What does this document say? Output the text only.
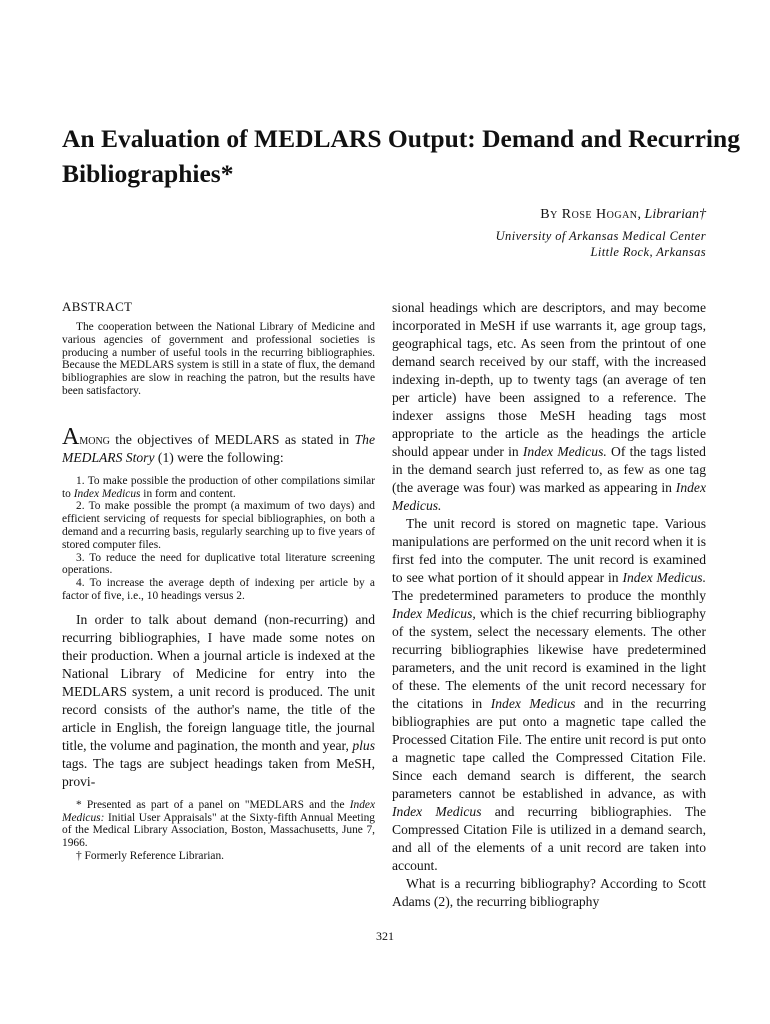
An Evaluation of MEDLARS Output: Demand and Recurring Bibliographies*
By Rose Hogan, Librarian†
University of Arkansas Medical Center
Little Rock, Arkansas
ABSTRACT

The cooperation between the National Library of Medicine and various agencies of government and professional societies is producing a number of useful tools in the recurring bibliographies. Because the MEDLARS system is still in a state of flux, the demand bibliographies are slow in reaching the patron, but the results have been satisfactory.

Among the objectives of MEDLARS as stated in The MEDLARS Story (1) were the following:

1. To make possible the production of other compilations similar to Index Medicus in form and content.
2. To make possible the prompt (a maximum of two days) and efficient servicing of requests for special bibliographies, on both a demand and a recurring basis, regularly searching up to five years of stored computer files.
3. To reduce the need for duplicative total literature screening operations.
4. To increase the average depth of indexing per article by a factor of five, i.e., 10 headings versus 2.

In order to talk about demand (non-recurring) and recurring bibliographies, I have made some notes on their production. When a journal article is indexed at the National Library of Medicine for entry into the MEDLARS system, a unit record is produced. The unit record consists of the author's name, the title of the article in English, the foreign language title, the journal title, the volume and pagination, the month and year, plus tags. The tags are subject headings taken from MeSH, provi-

* Presented as part of a panel on "MEDLARS and the Index Medicus: Initial User Appraisals" at the Sixty-fifth Annual Meeting of the Medical Library Association, Boston, Massachusetts, June 7, 1966.
† Formerly Reference Librarian.

sional headings which are descriptors, and may become incorporated in MeSH if use warrants it, age group tags, geographical tags, etc. As seen from the printout of one demand search received by our staff, with the increased indexing in-depth, up to twenty tags (an average of ten per article) have been assigned to a reference. The indexer assigns those MeSH heading tags most appropriate to the article as the headings the article should appear under in Index Medicus. Of the tags listed in the demand search just referred to, as few as one tag (the average was four) was marked as appearing in Index Medicus.

The unit record is stored on magnetic tape. Various manipulations are performed on the unit record when it is first fed into the computer. The unit record is examined to see what portion of it should appear in Index Medicus. The predetermined parameters to produce the monthly Index Medicus, which is the chief recurring bibliography of the system, select the necessary elements. The other recurring bibliographies likewise have predetermined parameters, and the unit record is examined in the light of these. The elements of the unit record necessary for the citations in Index Medicus and in the recurring bibliographies are put onto a magnetic tape called the Processed Citation File. The entire unit record is put onto a magnetic tape called the Compressed Citation File. Since each demand search is different, the search parameters cannot be established in advance, as with Index Medicus and recurring bibliographies. The Compressed Citation File is utilized in a demand search, and all of the elements of a unit record are taken into account.

What is a recurring bibliography? According to Scott Adams (2), the recurring bibliography

321
